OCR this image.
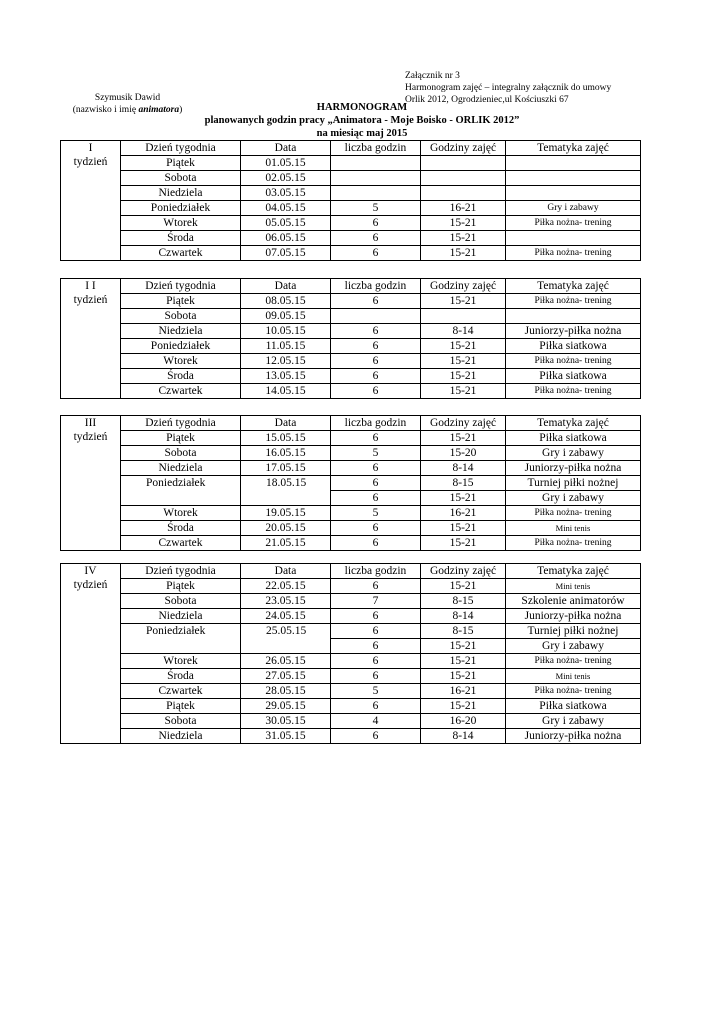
Załącznik nr 3
Harmonogram zajęć – integralny załącznik do umowy
Orlik 2012, Ogrodzieniec,ul Kościuszki 67
Szymusik Dawid
(nazwisko i imię animatora)	HARMONOGRAM
planowanych godzin pracy „Animatora - Moje Boisko - ORLIK 2012”
na miesiąc maj 2015
I
tydzień	Dzień tygodnia	Data	liczba godzin	Godziny zajęć	Tematyka zajęć
	Piątek	01.05.15			
	Sobota	02.05.15			
	Niedziela	03.05.15			
	Poniedziałek	04.05.15	5	16-21	Gry i zabawy
	Wtorek	05.05.15	6	15-21	Piłka nożna- trening
	Środa	06.05.15	6	15-21	
	Czwartek	07.05.15	6	15-21	Piłka nożna- trening
I I
tydzień	Dzień tygodnia	Data	liczba godzin	Godziny zajęć	Tematyka zajęć
	Piątek	08.05.15	6	15-21	Piłka nożna- trening
	Sobota	09.05.15			
	Niedziela	10.05.15	6	8-14	Juniorzy-piłka nożna
	Poniedziałek	11.05.15	6	15-21	Piłka siatkowa
	Wtorek	12.05.15	6	15-21	Piłka nożna- trening
	Środa	13.05.15	6	15-21	Piłka siatkowa
	Czwartek	14.05.15	6	15-21	Piłka nożna- trening
III
tydzień	Dzień tygodnia	Data	liczba godzin	Godziny zajęć	Tematyka zajęć
	Piątek	15.05.15	6	15-21	Piłka siatkowa
	Sobota	16.05.15	5	15-20	Gry i zabawy
	Niedziela	17.05.15	6	8-14	Juniorzy-piłka nożna
	Poniedziałek	18.05.15	6	8-15	Turniej piłki nożnej
			6	15-21	Gry i zabawy
	Wtorek	19.05.15	5	16-21	Piłka nożna- trening
	Środa	20.05.15	6	15-21	Mini tenis
	Czwartek	21.05.15	6	15-21	Piłka nożna- trening
IV
tydzień	Dzień tygodnia	Data	liczba godzin	Godziny zajęć	Tematyka zajęć
	Piątek	22.05.15	6	15-21	Mini tenis
	Sobota	23.05.15	7	8-15	Szkolenie animatorów
	Niedziela	24.05.15	6	8-14	Juniorzy-piłka nożna
	Poniedziałek	25.05.15	6	8-15	Turniej piłki nożnej
			6	15-21	Gry i zabawy
	Wtorek	26.05.15	6	15-21	Piłka nożna- trening
	Środa	27.05.15	6	15-21	Mini tenis
	Czwartek	28.05.15	5	16-21	Piłka nożna- trening
	Piątek	29.05.15	6	15-21	Piłka siatkowa
	Sobota	30.05.15	4	16-20	Gry i zabawy
	Niedziela	31.05.15	6	8-14	Juniorzy-piłka nożna
